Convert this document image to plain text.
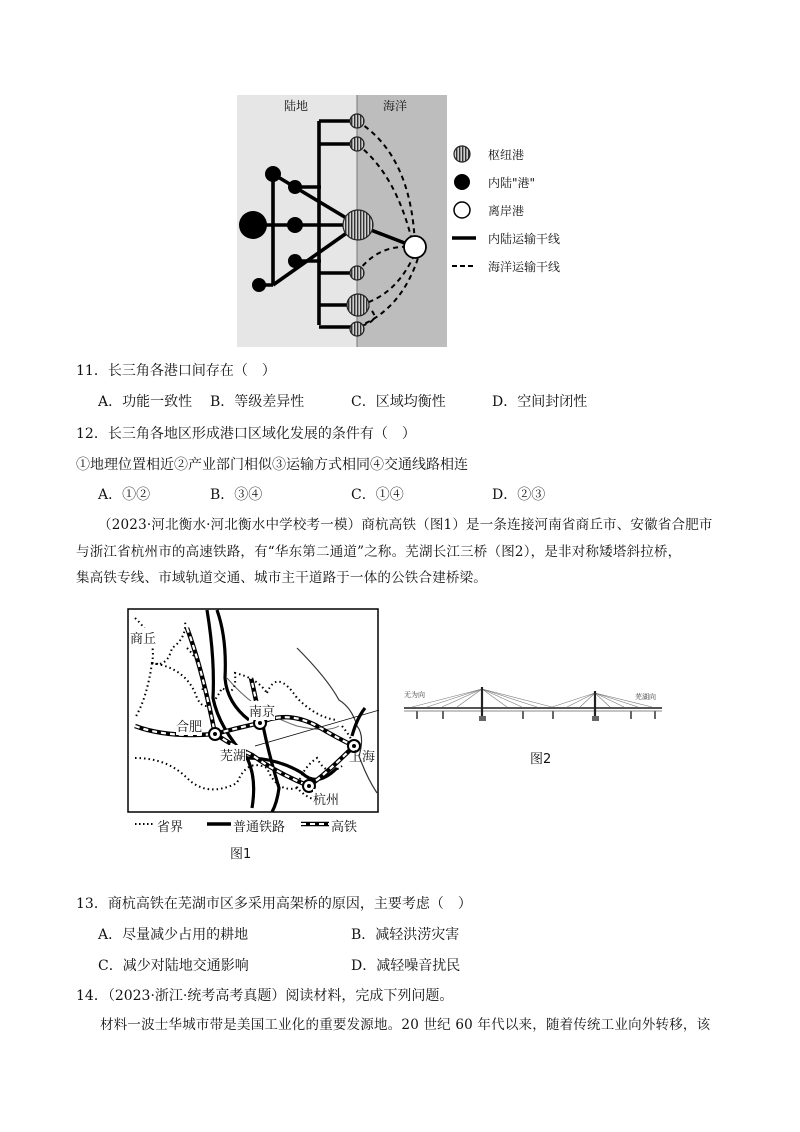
陆地	海洋
枢纽港
内陆"港"
离岸港
内陆运输干线
海洋运输干线
11．长三角各港口间存在（　）
A．功能一致性 B．等级差异性	C．区域均衡性	D．空间封闭性
12．长三角各地区形成港口区域化发展的条件有（　）
①地理位置相近②产业部门相似③运输方式相同④交通线路相连
A．①②	B．③④	C．①④	D．②③
（2023·河北衡水·河北衡水中学校考一模）商杭高铁（图1）是一条连接河南省商丘市、安徽省合肥市
与浙江省杭州市的高速铁路，有“华东第二通道”之称。芜湖长江三桥（图2），是非对称矮塔斜拉桥，
集高铁专线、市域轨道交通、城市主干道路于一体的公铁合建桥梁。
商丘
南京
合肥
芜湖	上海
杭州
省界	普通铁路	高铁
图1
无为向	芜湖向
图2
13．商杭高铁在芜湖市区多采用高架桥的原因，主要考虑（　）
A．尽量减少占用的耕地	B．减轻洪涝灾害
C．减少对陆地交通影响	D．减轻噪音扰民
14．（2023·浙江·统考高考真题）阅读材料，完成下列问题。
材料一波士华城市带是美国工业化的重要发源地。20 世纪 60 年代以来，随着传统工业向外转移，该
